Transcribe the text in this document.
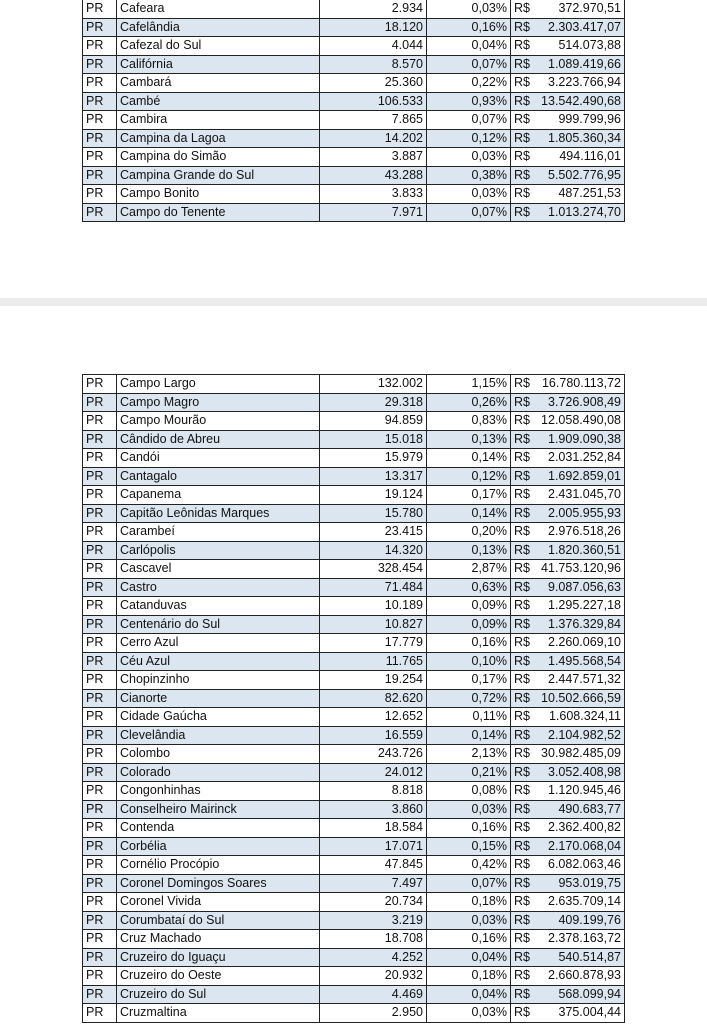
PR	Cafeara	2.934	0,03%	R$	372.970,51
PR	Cafelândia	18.120	0,16%	R$	2.303.417,07
PR	Cafezal do Sul	4.044	0,04%	R$	514.073,88
PR	Califórnia	8.570	0,07%	R$	1.089.419,66
PR	Cambará	25.360	0,22%	R$	3.223.766,94
PR	Cambé	106.533	0,93%	R$	13.542.490,68
PR	Cambira	7.865	0,07%	R$	999.799,96
PR	Campina da Lagoa	14.202	0,12%	R$	1.805.360,34
PR	Campina do Simão	3.887	0,03%	R$	494.116,01
PR	Campina Grande do Sul	43.288	0,38%	R$	5.502.776,95
PR	Campo Bonito	3.833	0,03%	R$	487.251,53
PR	Campo do Tenente	7.971	0,07%	R$	1.013.274,70
PR	Campo Largo	132.002	1,15%	R$	16.780.113,72
PR	Campo Magro	29.318	0,26%	R$	3.726.908,49
PR	Campo Mourão	94.859	0,83%	R$	12.058.490,08
PR	Cândido de Abreu	15.018	0,13%	R$	1.909.090,38
PR	Candói	15.979	0,14%	R$	2.031.252,84
PR	Cantagalo	13.317	0,12%	R$	1.692.859,01
PR	Capanema	19.124	0,17%	R$	2.431.045,70
PR	Capitão Leônidas Marques	15.780	0,14%	R$	2.005.955,93
PR	Carambeí	23.415	0,20%	R$	2.976.518,26
PR	Carlópolis	14.320	0,13%	R$	1.820.360,51
PR	Cascavel	328.454	2,87%	R$	41.753.120,96
PR	Castro	71.484	0,63%	R$	9.087.056,63
PR	Catanduvas	10.189	0,09%	R$	1.295.227,18
PR	Centenário do Sul	10.827	0,09%	R$	1.376.329,84
PR	Cerro Azul	17.779	0,16%	R$	2.260.069,10
PR	Céu Azul	11.765	0,10%	R$	1.495.568,54
PR	Chopinzinho	19.254	0,17%	R$	2.447.571,32
PR	Cianorte	82.620	0,72%	R$	10.502.666,59
PR	Cidade Gaúcha	12.652	0,11%	R$	1.608.324,11
PR	Clevelândia	16.559	0,14%	R$	2.104.982,52
PR	Colombo	243.726	2,13%	R$	30.982.485,09
PR	Colorado	24.012	0,21%	R$	3.052.408,98
PR	Congonhinhas	8.818	0,08%	R$	1.120.945,46
PR	Conselheiro Mairinck	3.860	0,03%	R$	490.683,77
PR	Contenda	18.584	0,16%	R$	2.362.400,82
PR	Corbélia	17.071	0,15%	R$	2.170.068,04
PR	Cornélio Procópio	47.845	0,42%	R$	6.082.063,46
PR	Coronel Domingos Soares	7.497	0,07%	R$	953.019,75
PR	Coronel Vivida	20.734	0,18%	R$	2.635.709,14
PR	Corumbataí do Sul	3.219	0,03%	R$	409.199,76
PR	Cruz Machado	18.708	0,16%	R$	2.378.163,72
PR	Cruzeiro do Iguaçu	4.252	0,04%	R$	540.514,87
PR	Cruzeiro do Oeste	20.932	0,18%	R$	2.660.878,93
PR	Cruzeiro do Sul	4.469	0,04%	R$	568.099,94
PR	Cruzmaltina	2.950	0,03%	R$	375.004,44
